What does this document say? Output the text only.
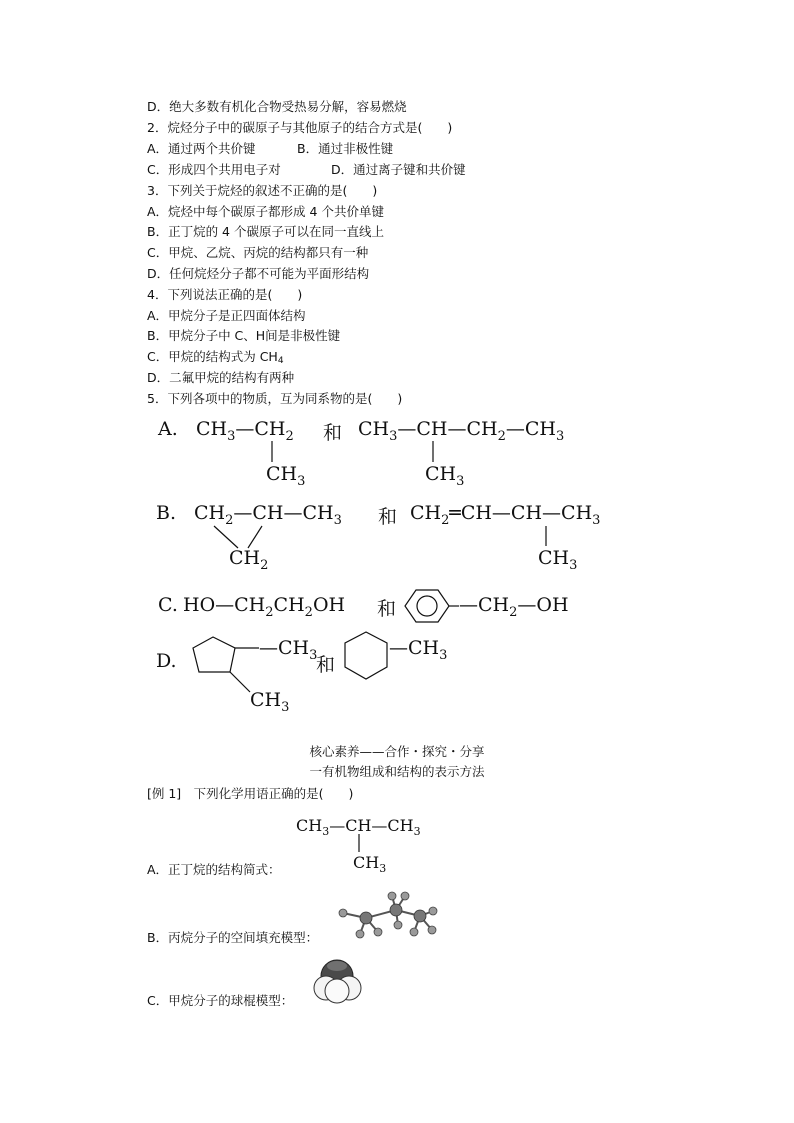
D．绝大多数有机化合物受热易分解，容易燃烧
2．烷烃分子中的碳原子与其他原子的结合方式是(　　)
A．通过两个共价键	B．通过非极性键
C．形成四个共用电子对	D．通过离子键和共价键
3．下列关于烷烃的叙述不正确的是(　　)
A．烷烃中每个碳原子都形成 4 个共价单键
B．正丁烷的 4 个碳原子可以在同一直线上
C．甲烷、乙烷、丙烷的结构都只有一种
D．任何烷烃分子都不可能为平面形结构
4．下列说法正确的是(　　)
A．甲烷分子是正四面体结构
B．甲烷分子中 C、H间是非极性键
C．甲烷的结构式为 $CH_4$
D．二氟甲烷的结构有两种
5．下列各项中的物质，互为同系物的是(　　)
A. $CH_3—CH_2$
$CH_3$
和 $CH_3—CH—CH_2—CH_3$
$CH_3$
B. $CH_2—CH—CH_3$
$CH_2$
和 $CH_2═CH—CH—CH_3$
$CH_3$
C. $HO—CH_2CH_2OH$ 和	$—CH_2—OH$
D.
$—CH_3$
$CH_3$
和
$—CH_3$
核心素养——合作・探究・分享
一有机物组成和结构的表示方法
[例 1]　下列化学用语正确的是(　　)
$CH_3—CH—CH_3$
$CH_3$
A．正丁烷的结构简式：
B．丙烷分子的空间填充模型：
C．甲烷分子的球棍模型：
